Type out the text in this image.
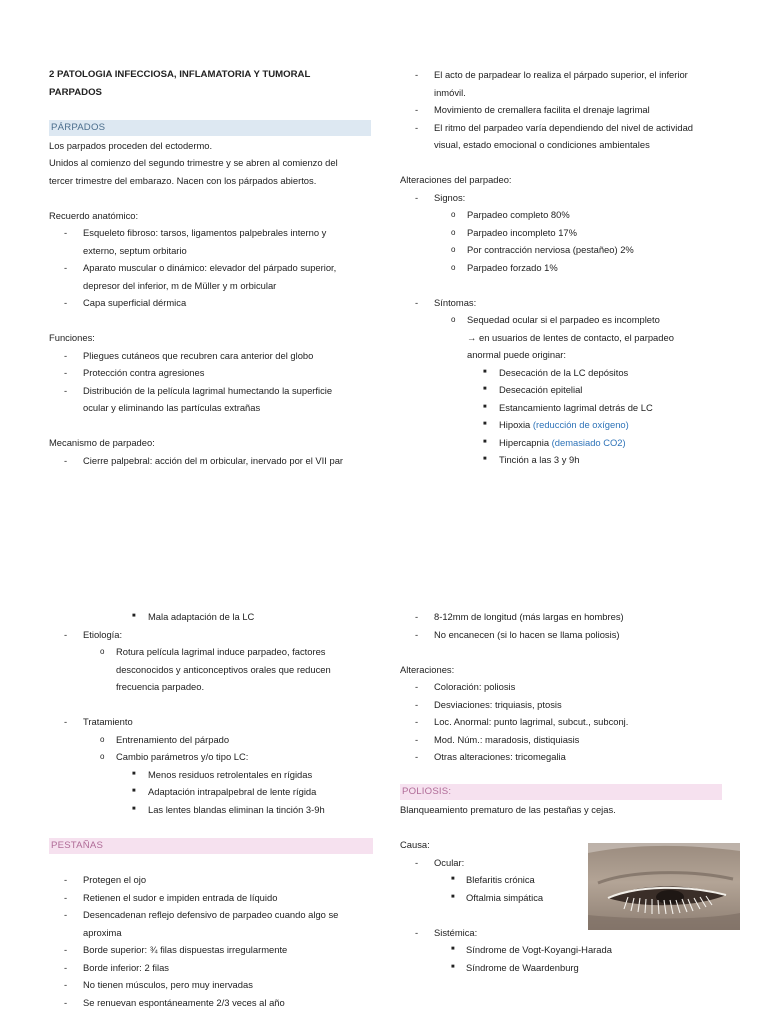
2 PATOLOGIA INFECCIOSA, INFLAMATORIA Y TUMORAL

PARPADOS

PÁRPADOS

Los parpados proceden del ectodermo.

Unidos al comienzo del segundo trimestre y se abren al comienzo del

tercer trimestre del embarazo. Nacen con los párpados abiertos.

Recuerdo anatómico:

- Esqueleto fibroso: tarsos, ligamentos palpebrales interno y
externo, septum orbitario
- Aparato muscular o dinámico: elevador del párpado superior,
depresor del inferior, m de Müller y m orbicular
- Capa superficial dérmica

Funciones:

- Pliegues cutáneos que recubren cara anterior del globo
- Protección contra agresiones
- Distribución de la película lagrimal humectando la superficie
ocular y eliminando las partículas extrañas

Mecanismo de parpadeo:

- Cierre palpebral: acción del m orbicular, inervado por el VII par
- El acto de parpadear lo realiza el párpado superior, el inferior
inmóvil.
- Movimiento de cremallera facilita el drenaje lagrimal
- El ritmo del parpadeo varía dependiendo del nivel de actividad
visual, estado emocional o condiciones ambientales

Alteraciones del parpadeo:

- Signos:
o Parpadeo completo 80%
o Parpadeo incompleto 17%
o Por contracción nerviosa (pestañeo) 2%
o Parpadeo forzado 1%
- Síntomas:
o Sequedad ocular si el parpadeo es incompleto
→ en usuarios de lentes de contacto, el parpadeo
anormal puede originar:
■ Desecación de la LC depósitos
■ Desecación epitelial
■ Estancamiento lagrimal detrás de LC
■ Hipoxia (reducción de oxígeno)
■ Hipercapnia (demasiado CO2)
■ Tinción a las 3 y 9h
■ Mala adaptación de la LC
- Etiología:
o Rotura película lagrimal induce parpadeo, factores
desconocidos y anticonceptivos orales que reducen
frecuencia parpadeo.
- Tratamiento
o Entrenamiento del párpado
o Cambio parámetros y/o tipo LC:
■ Menos residuos retrolentales en rígidas
■ Adaptación intrapalpebral de lente rígida
■ Las lentes blandas eliminan la tinción 3-9h

PESTAÑAS

- Protegen el ojo
- Retienen el sudor e impiden entrada de líquido
- Desencadenan reflejo defensivo de parpadeo cuando algo se
aproxima
- Borde superior: ¾ filas dispuestas irregularmente
- Borde inferior: 2 filas
- No tienen músculos, pero muy inervadas
- Se renuevan espontáneamente 2/3 veces al año
- 8-12mm de longitud (más largas en hombres)
- No encanecen (si lo hacen se llama poliosis)

Alteraciones:

- Coloración: poliosis
- Desviaciones: triquiasis, ptosis
- Loc. Anormal: punto lagrimal, subcut., subconj.
- Mod. Núm.: maradosis, distiquiasis
- Otras alteraciones: tricomegalia

POLIOSIS:

Blanqueamiento prematuro de las pestañas y cejas.

Causa:

- Ocular:
■ Blefaritis crónica
■ Oftalmia simpática
- Sistémica:
■ Síndrome de Vogt-Koyangi-Harada
■ Síndrome de Waardenburg
